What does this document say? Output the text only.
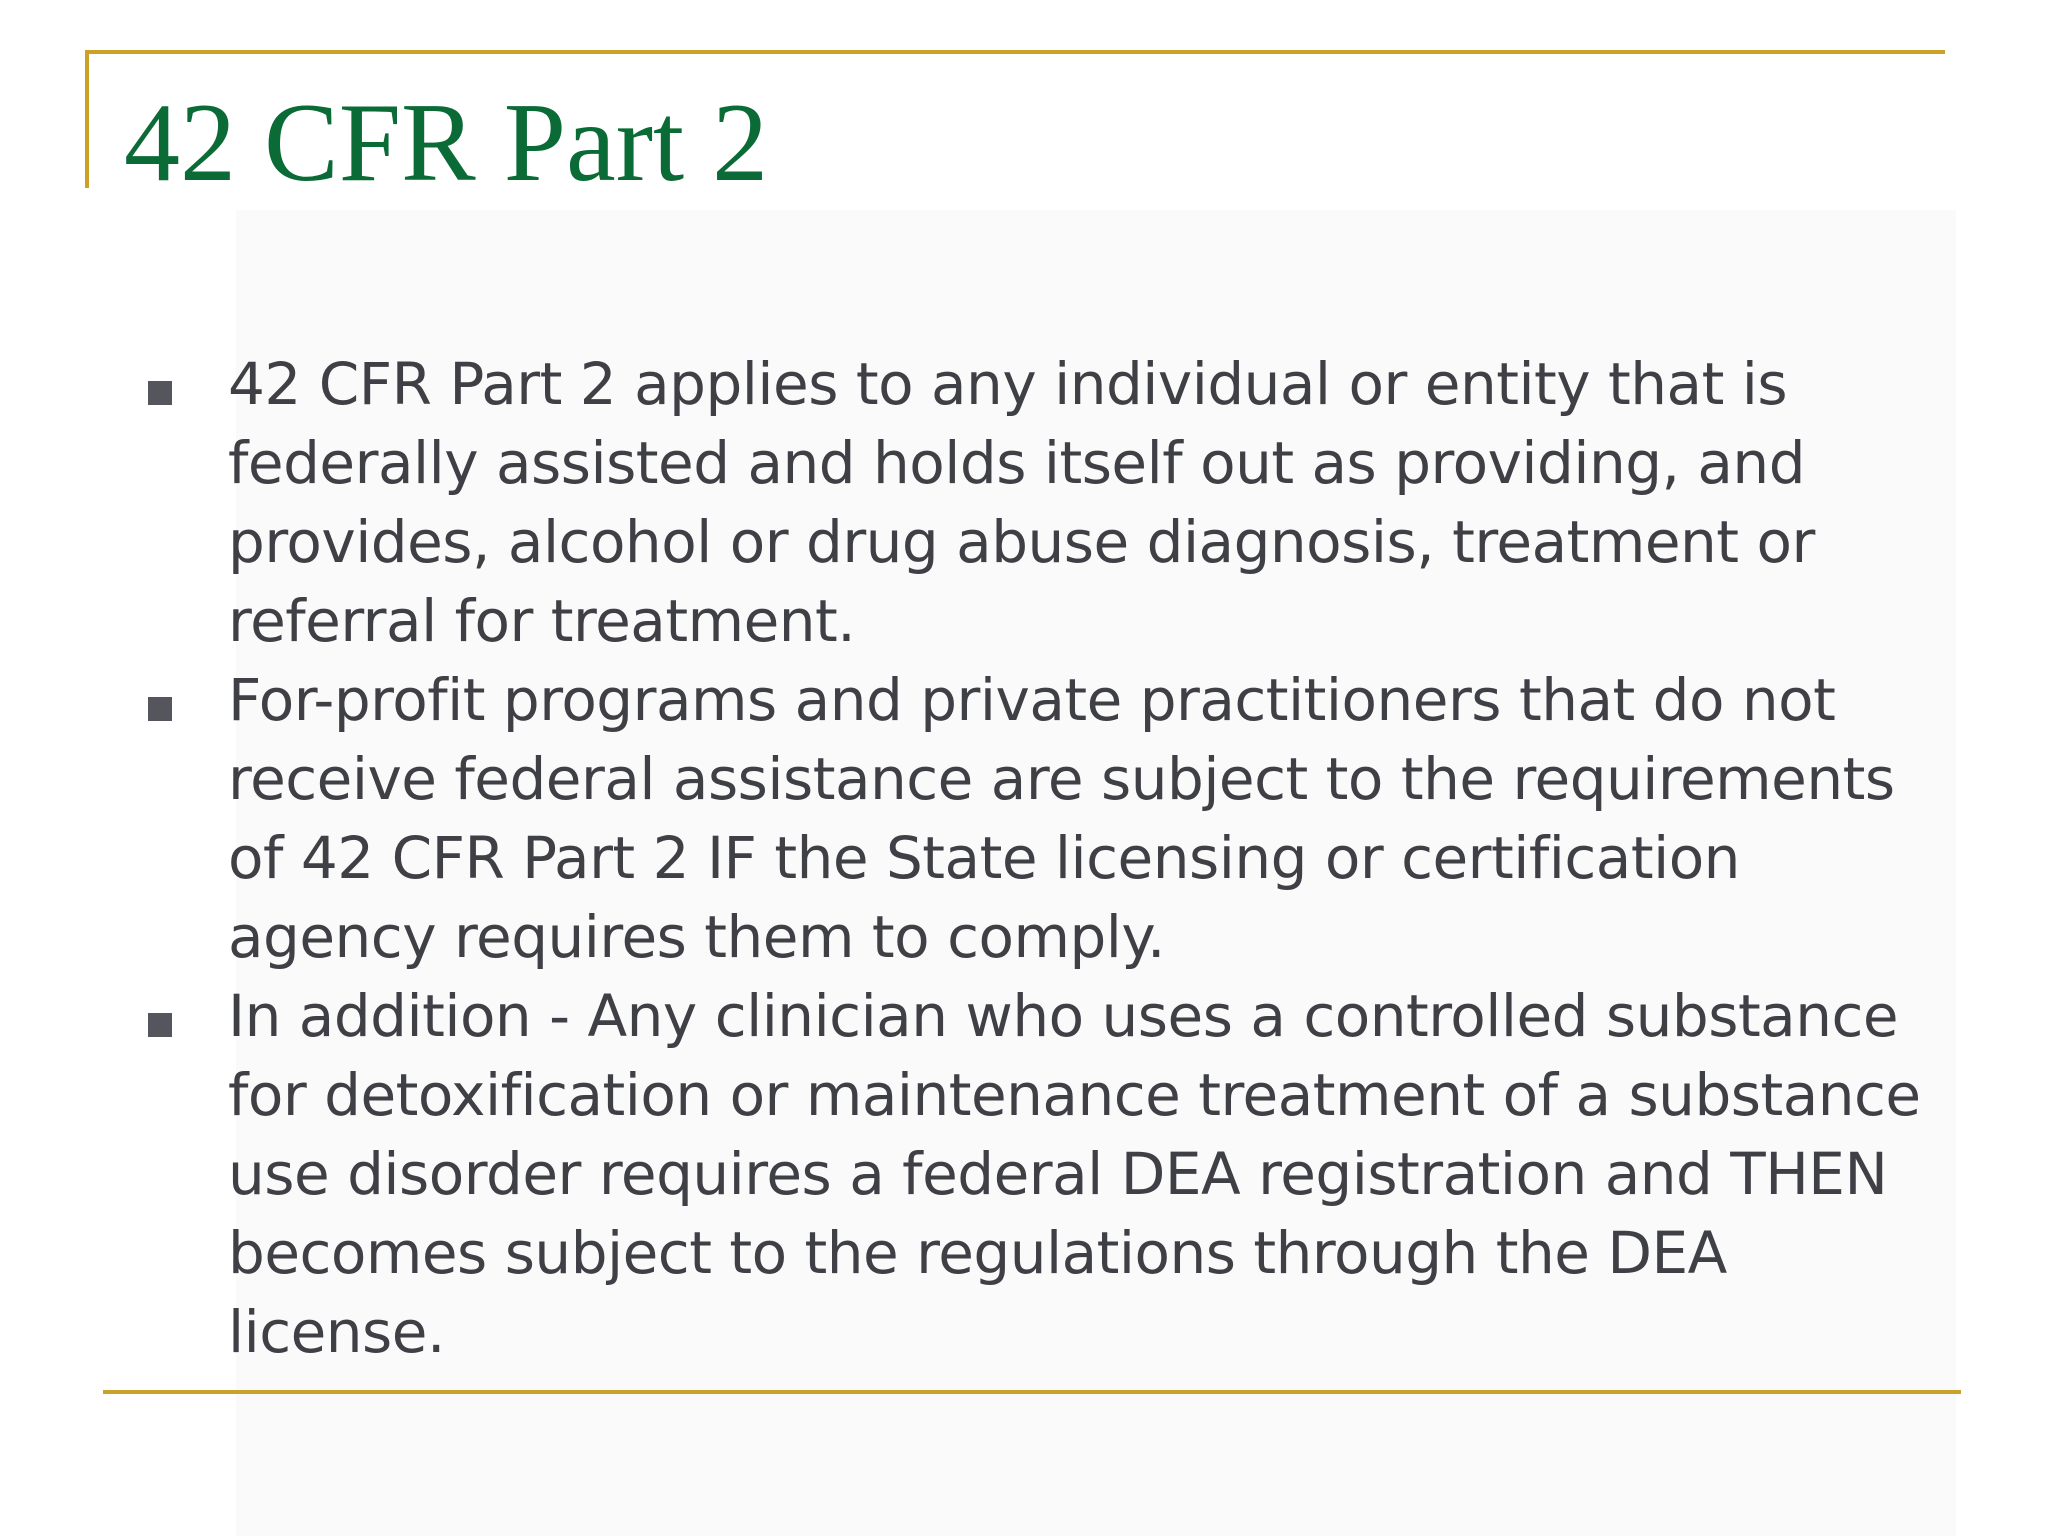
42 CFR Part 2
42 CFR Part 2 applies to any individual or entity that is federally assisted and holds itself out as providing, and provides, alcohol or drug abuse diagnosis, treatment or referral for treatment.
For-profit programs and private practitioners that do not receive federal assistance are subject to the requirements of 42 CFR Part 2 IF the State licensing or certification agency requires them to comply.
In addition - Any clinician who uses a controlled substance for detoxification or maintenance treatment of a substance use disorder requires a federal DEA registration and THEN becomes subject to the regulations through the DEA license.
